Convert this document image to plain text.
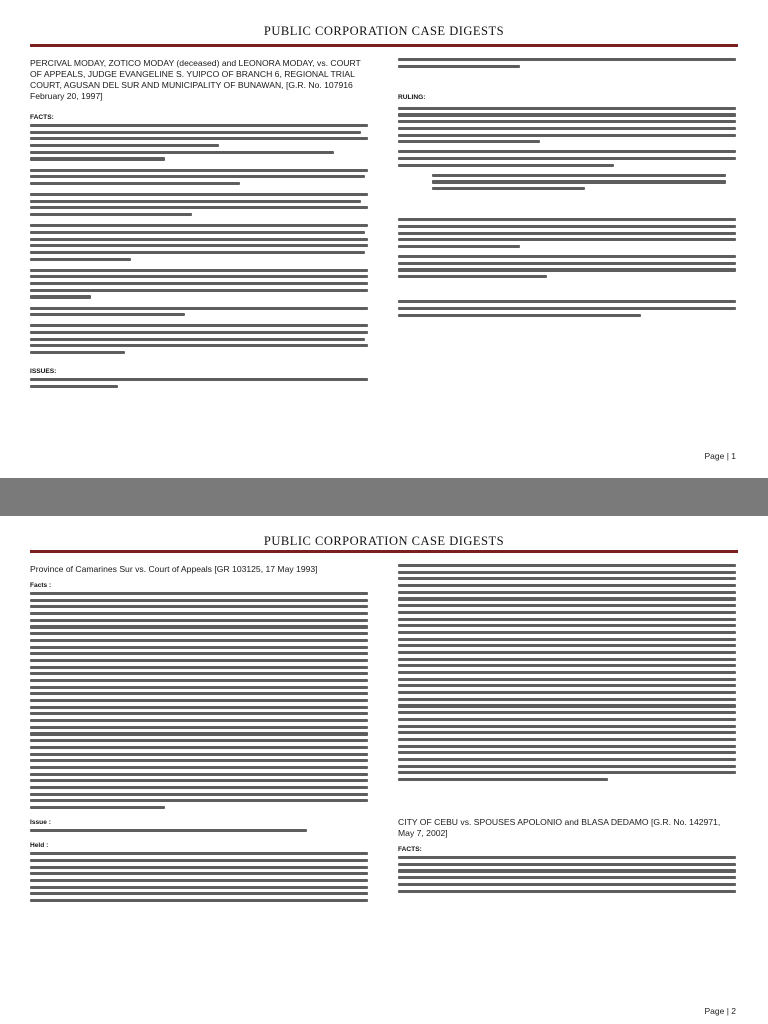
PUBLIC CORPORATION CASE DIGESTS

PERCIVAL MODAY, ZOTICO MODAY (deceased) and LEONORA MODAY, vs. COURT OF APPEALS, JUDGE EVANGELINE S. YUIPCO OF BRANCH 6, REGIONAL TRIAL COURT, AGUSAN DEL SUR AND MUNICIPALITY OF BUNAWAN, [G.R. No. 107916 February 20, 1997]

FACTS:
ISSUES:
RULING:
Page | 1
PUBLIC CORPORATION CASE DIGESTS

Province of Camarines Sur vs. Court of Appeals [GR 103125, 17 May 1993]

Facts :
Issue :
Held :

CITY OF CEBU vs. SPOUSES APOLONIO and BLASA DEDAMO [G.R. No. 142971, May 7, 2002]

FACTS:
Page | 2
